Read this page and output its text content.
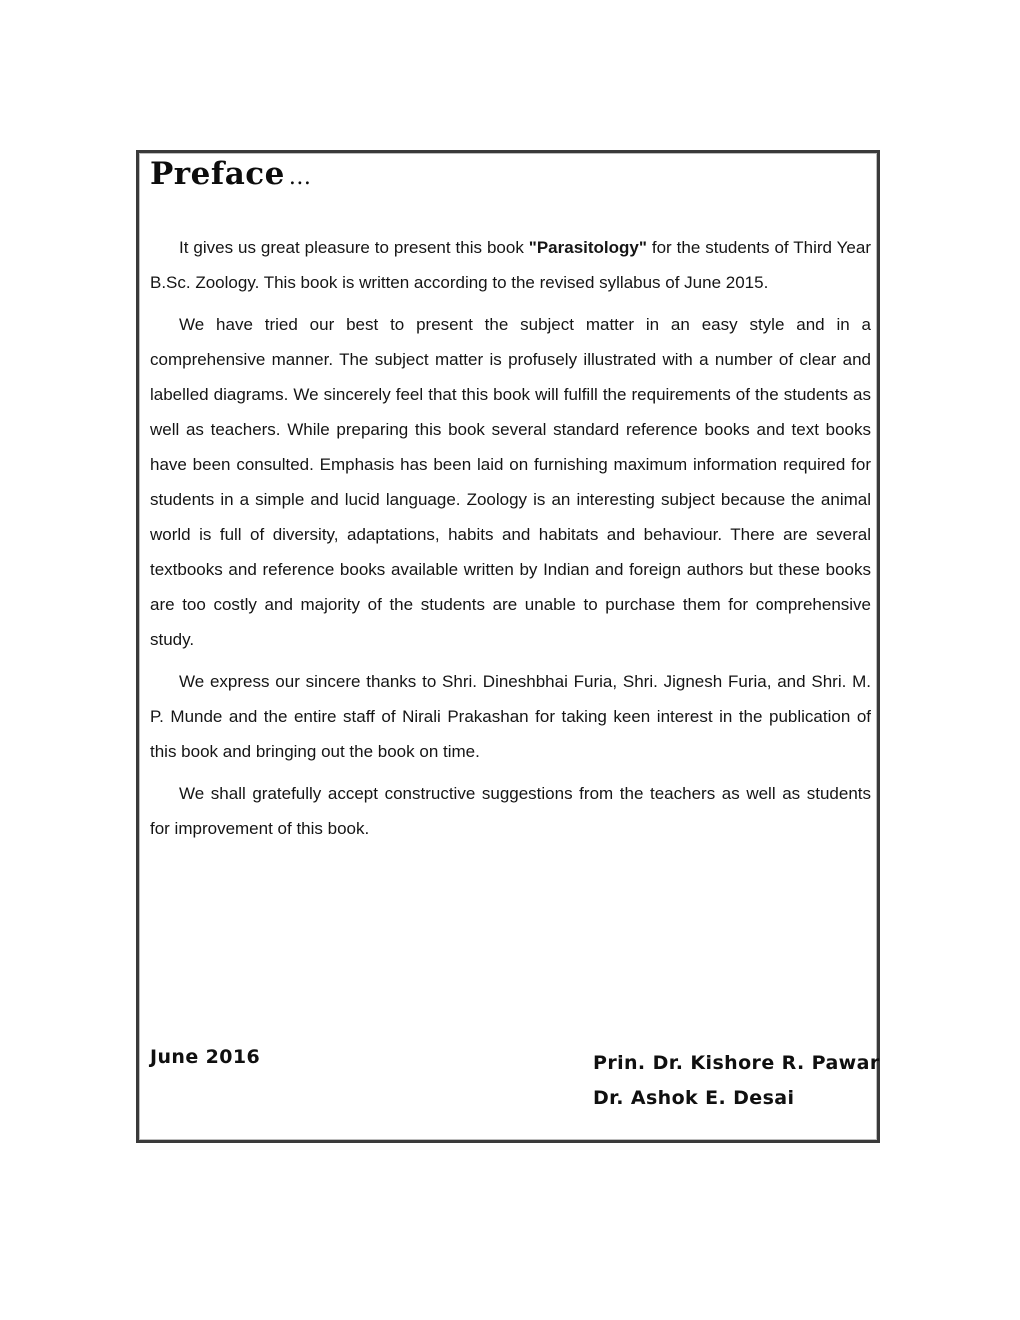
Preface ...

It gives us great pleasure to present this book "Parasitology" for the students of Third Year B.Sc. Zoology. This book is written according to the revised syllabus of June 2015.

We have tried our best to present the subject matter in an easy style and in a comprehensive manner. The subject matter is profusely illustrated with a number of clear and labelled diagrams. We sincerely feel that this book will fulfill the requirements of the students as well as teachers. While preparing this book several standard reference books and text books have been consulted. Emphasis has been laid on furnishing maximum information required for students in a simple and lucid language. Zoology is an interesting subject because the animal world is full of diversity, adaptations, habits and habitats and behaviour. There are several textbooks and reference books available written by Indian and foreign authors but these books are too costly and majority of the students are unable to purchase them for comprehensive study.

We express our sincere thanks to Shri. Dineshbhai Furia, Shri. Jignesh Furia, and Shri. M. P. Munde and the entire staff of Nirali Prakashan for taking keen interest in the publication of this book and bringing out the book on time.

We shall gratefully accept constructive suggestions from the teachers as well as students for improvement of this book.

June 2016	Prin. Dr. Kishore R. Pawar
Dr. Ashok E. Desai
